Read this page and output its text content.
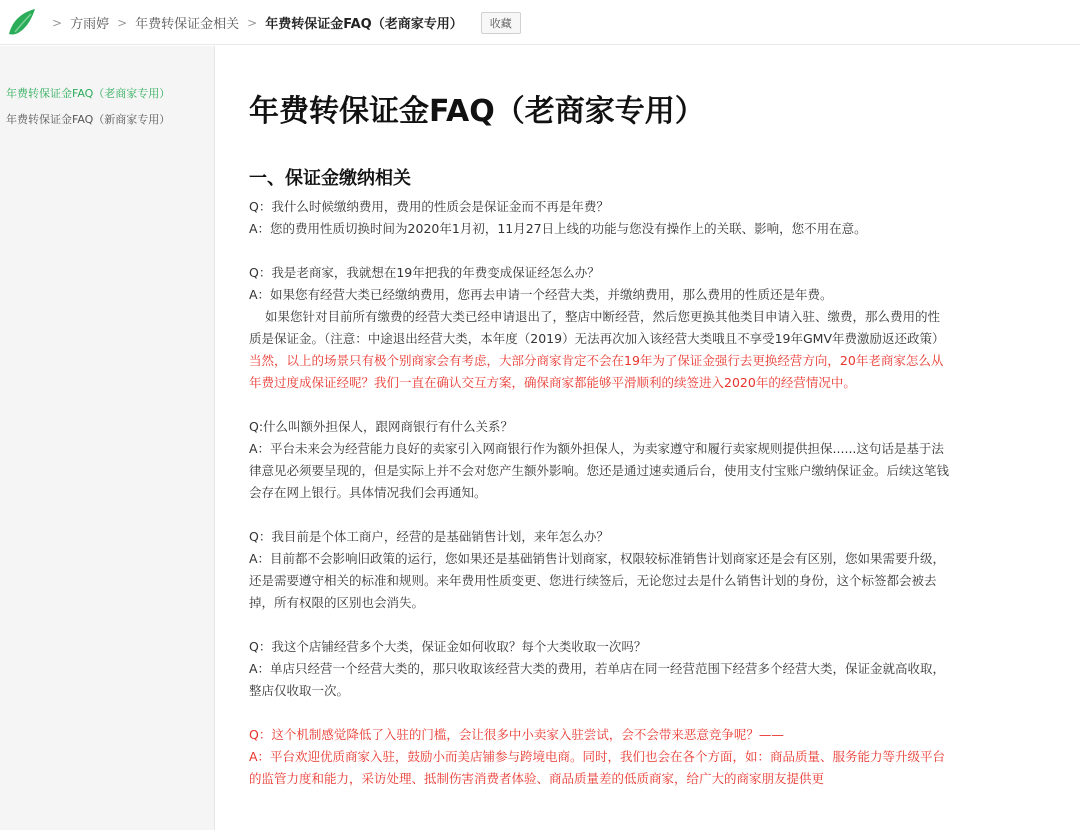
> 方雨婷 > 年费转保证金相关 > 年费转保证金FAQ（老商家专用）	收藏
年费转保证金FAQ（老商家专用）
年费转保证金FAQ（新商家专用）	年费转保证金FAQ（老商家专用）
一、保证金缴纳相关

Q：我什么时候缴纳费用，费用的性质会是保证金而不再是年费？

A：您的费用性质切换时间为2020年1月初，11月27日上线的功能与您没有操作上的关联、影响，您不用在意。

Q：我是老商家，我就想在19年把我的年费变成保证经怎么办？

A：如果您有经营大类已经缴纳费用，您再去申请一个经营大类，并缴纳费用，那么费用的性质还是年费。

如果您针对目前所有缴费的经营大类已经申请退出了，整店中断经营，然后您更换其他类目申请入驻、缴费，那么费用的性质是保证金。（注意：中途退出经营大类，本年度（2019）无法再次加入该经营大类哦且不享受19年GMV年费激励返还政策）

当然，以上的场景只有极个别商家会有考虑，大部分商家肯定不会在19年为了保证金强行去更换经营方向，20年老商家怎么从年费过度成保证经呢？我们一直在确认交互方案，确保商家都能够平滑顺利的续签进入2020年的经营情况中。

Q:什么叫额外担保人，跟网商银行有什么关系？

A：平台未来会为经营能力良好的卖家引入网商银行作为额外担保人，为卖家遵守和履行卖家规则提供担保......这句话是基于法律意见必须要呈现的，但是实际上并不会对您产生额外影响。您还是通过速卖通后台，使用支付宝账户缴纳保证金。后续这笔钱会存在网上银行。具体情况我们会再通知。

Q：我目前是个体工商户，经营的是基础销售计划，来年怎么办？

A：目前都不会影响旧政策的运行，您如果还是基础销售计划商家，权限较标准销售计划商家还是会有区别，您如果需要升级，还是需要遵守相关的标准和规则。来年费用性质变更、您进行续签后，无论您过去是什么销售计划的身份，这个标签都会被去掉，所有权限的区别也会消失。

Q：我这个店铺经营多个大类，保证金如何收取？每个大类收取一次吗？

A：单店只经营一个经营大类的，那只收取该经营大类的费用，若单店在同一经营范围下经营多个经营大类，保证金就高收取，整店仅收取一次。

Q：这个机制感觉降低了入驻的门槛，会让很多中小卖家入驻尝试，会不会带来恶意竞争呢？——

A：平台欢迎优质商家入驻，鼓励小而美店铺参与跨境电商。同时，我们也会在各个方面，如：商品质量、服务能力等升级平台的监管力度和能力，采访处理、抵制伤害消费者体验、商品质量差的低质商家，给广大的商家朋友提供更
